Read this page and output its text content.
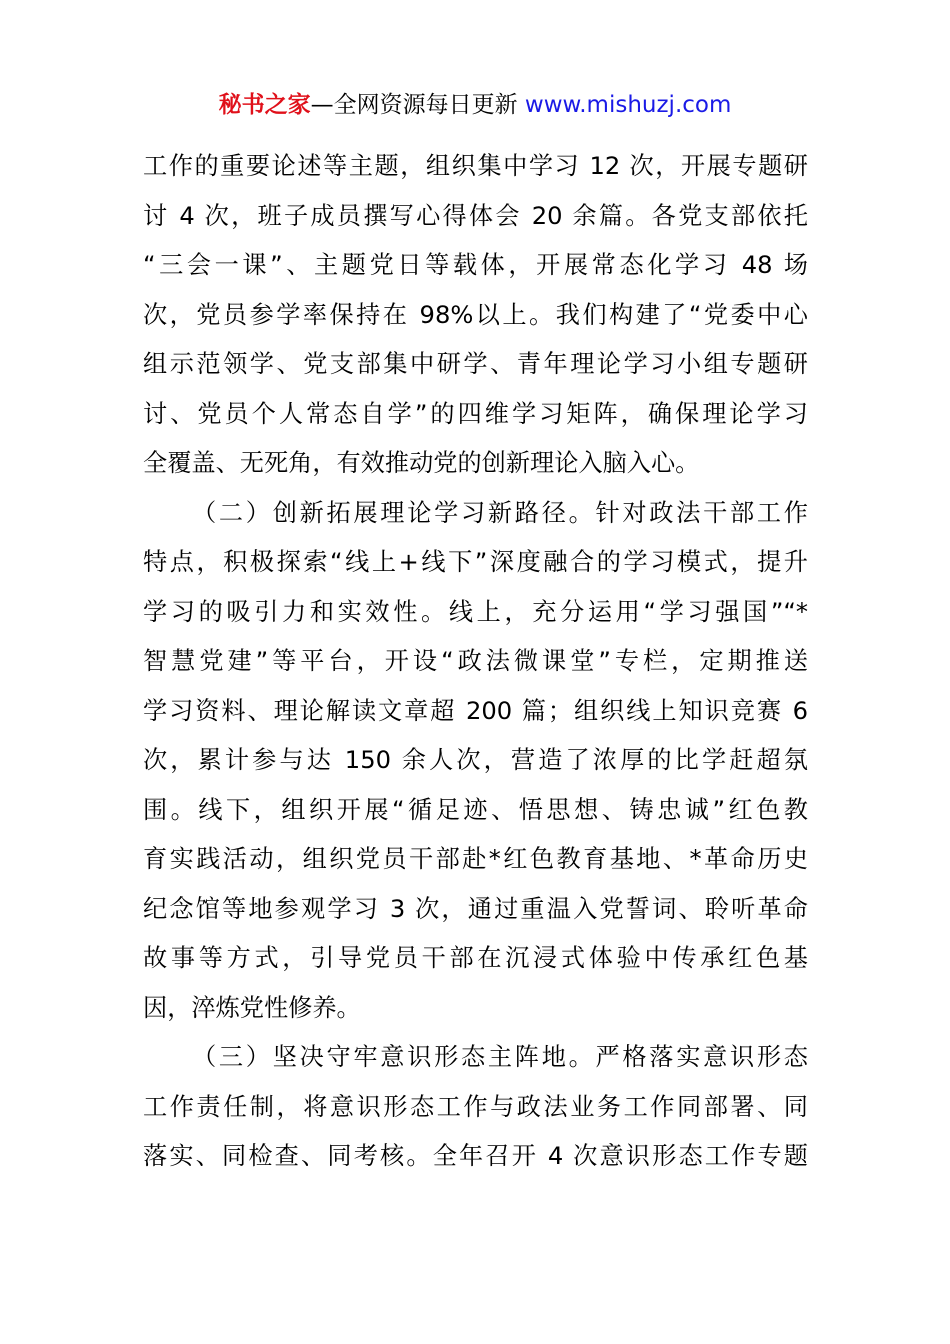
秘书之家—全网资源每日更新 www.mishuzj.com
工作的重要论述等主题，组织集中学习 12 次，开展专题研
讨 4 次，班子成员撰写心得体会 20 余篇。各党支部依托
“三会一课”、主题党日等载体，开展常态化学习 48 场
次，党员参学率保持在 98%以上。我们构建了“党委中心
组示范领学、党支部集中研学、青年理论学习小组专题研
讨、党员个人常态自学”的四维学习矩阵，确保理论学习
全覆盖、无死角，有效推动党的创新理论入脑入心。
（二）创新拓展理论学习新路径。针对政法干部工作
特点，积极探索“线上+线下”深度融合的学习模式，提升
学习的吸引力和实效性。线上，充分运用“学习强国”“*
智慧党建”等平台，开设“政法微课堂”专栏，定期推送
学习资料、理论解读文章超 200 篇；组织线上知识竞赛 6
次，累计参与达 150 余人次，营造了浓厚的比学赶超氛
围。线下，组织开展“循足迹、悟思想、铸忠诚”红色教
育实践活动，组织党员干部赴*红色教育基地、*革命历史
纪念馆等地参观学习 3 次，通过重温入党誓词、聆听革命
故事等方式，引导党员干部在沉浸式体验中传承红色基
因，淬炼党性修养。
（三）坚决守牢意识形态主阵地。严格落实意识形态
工作责任制，将意识形态工作与政法业务工作同部署、同
落实、同检查、同考核。全年召开 4 次意识形态工作专题
